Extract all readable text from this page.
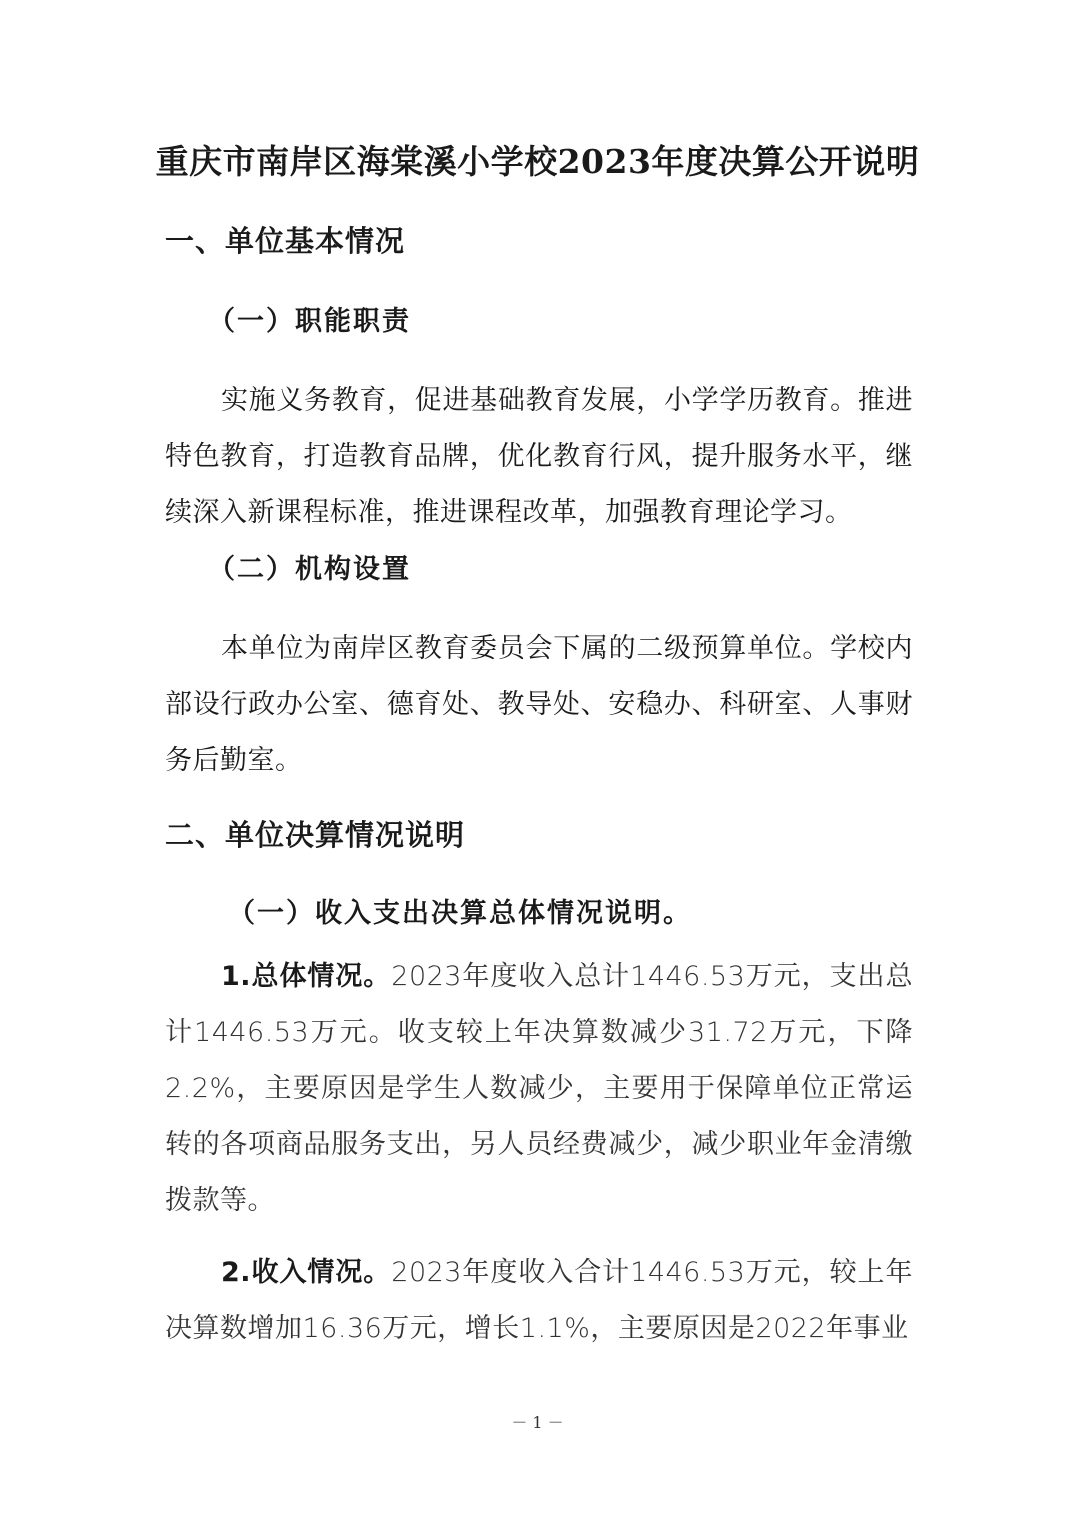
重庆市南岸区海棠溪小学校2023年度决算公开说明
一、单位基本情况
（一）职能职责

实施义务教育，促进基础教育发展，小学学历教育。推进特色教育，打造教育品牌，优化教育行风，提升服务水平，继续深入新课程标准，推进课程改革，加强教育理论学习。

（二）机构设置

本单位为南岸区教育委员会下属的二级预算单位。学校内部设行政办公室、德育处、教导处、安稳办、科研室、人事财务后勤室。

二、单位决算情况说明
（一）收入支出决算总体情况说明。

1.总体情况。2023年度收入总计1446.53万元，支出总计1446.53万元。收支较上年决算数减少31.72万元，下降2.2%，主要原因是学生人数减少，主要用于保障单位正常运转的各项商品服务支出，另人员经费减少，减少职业年金清缴拨款等。

2.收入情况。2023年度收入合计1446.53万元，较上年决算数增加16.36万元，增长1.1%，主要原因是2022年事业

－ 1 －
